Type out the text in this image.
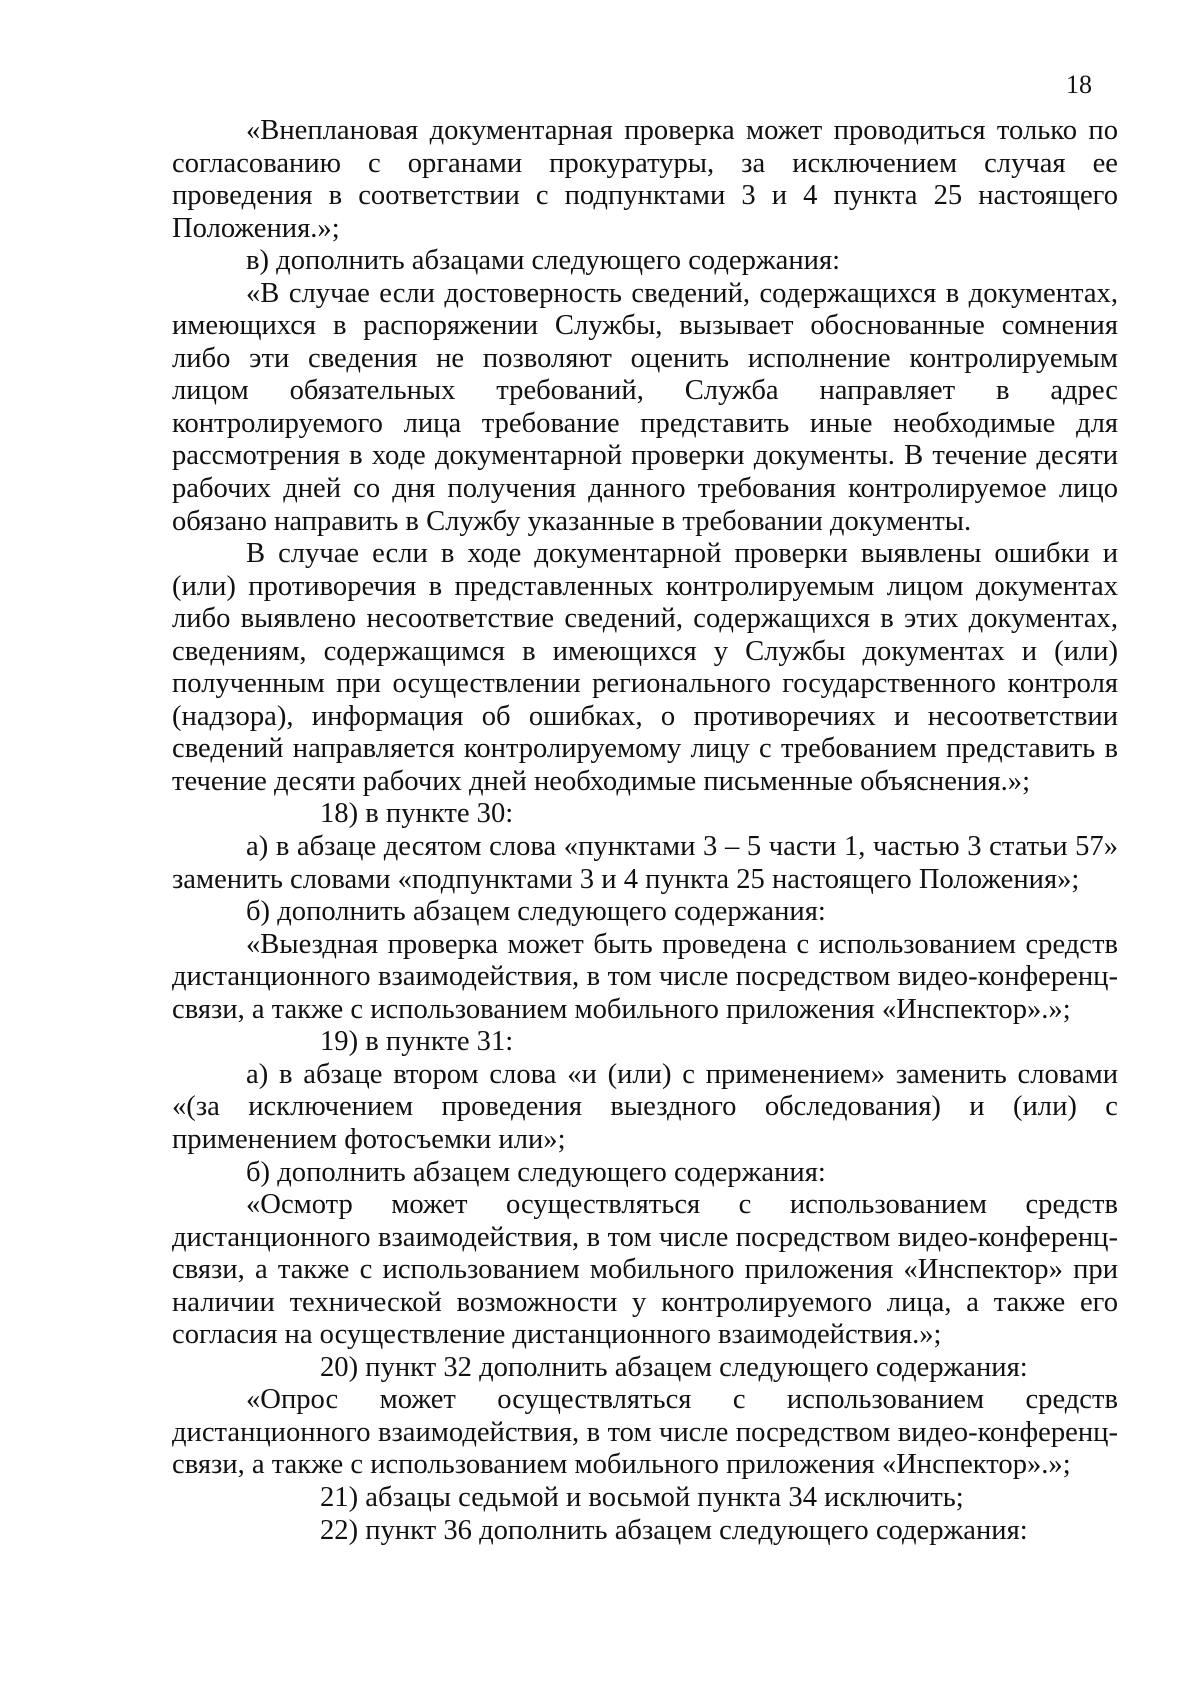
18

«Внеплановая документарная проверка может проводиться только по согласованию с органами прокуратуры, за исключением случая ее проведения в соответствии с подпунктами 3 и 4 пункта 25 настоящего Положения.»;

в) дополнить абзацами следующего содержания:

«В случае если достоверность сведений, содержащихся в документах, имеющихся в распоряжении Службы, вызывает обоснованные сомнения либо эти сведения не позволяют оценить исполнение контролируемым лицом обязательных требований, Служба направляет в адрес контролируемого лица требование представить иные необходимые для рассмотрения в ходе документарной проверки документы. В течение десяти рабочих дней со дня получения данного требования контролируемое лицо обязано направить в Службу указанные в требовании документы.

В случае если в ходе документарной проверки выявлены ошибки и (или) противоречия в представленных контролируемым лицом документах либо выявлено несоответствие сведений, содержащихся в этих документах, сведениям, содержащимся в имеющихся у Службы документах и (или) полученным при осуществлении регионального государственного контроля (надзора), информация об ошибках, о противоречиях и несоответствии сведений направляется контролируемому лицу с требованием представить в течение десяти рабочих дней необходимые письменные объяснения.»;

18) в пункте 30:

а) в абзаце десятом слова «пунктами 3 – 5 части 1, частью 3 статьи 57» заменить словами «подпунктами 3 и 4 пункта 25 настоящего Положения»;

б) дополнить абзацем следующего содержания:

«Выездная проверка может быть проведена с использованием средств дистанционного взаимодействия, в том числе посредством видео-конференц-связи, а также с использованием мобильного приложения «Инспектор».»;

19) в пункте 31:

а) в абзаце втором слова «и (или) с применением» заменить словами «(за исключением проведения выездного обследования) и (или) с применением фотосъемки или»;

б) дополнить абзацем следующего содержания:

«Осмотр может осуществляться с использованием средств дистанционного взаимодействия, в том числе посредством видео-конференц-связи, а также с использованием мобильного приложения «Инспектор» при наличии технической возможности у контролируемого лица, а также его согласия на осуществление дистанционного взаимодействия.»;

20) пункт 32 дополнить абзацем следующего содержания:

«Опрос может осуществляться с использованием средств дистанционного взаимодействия, в том числе посредством видео-конференц-связи, а также с использованием мобильного приложения «Инспектор».»;

21) абзацы седьмой и восьмой пункта 34 исключить;

22) пункт 36 дополнить абзацем следующего содержания:
